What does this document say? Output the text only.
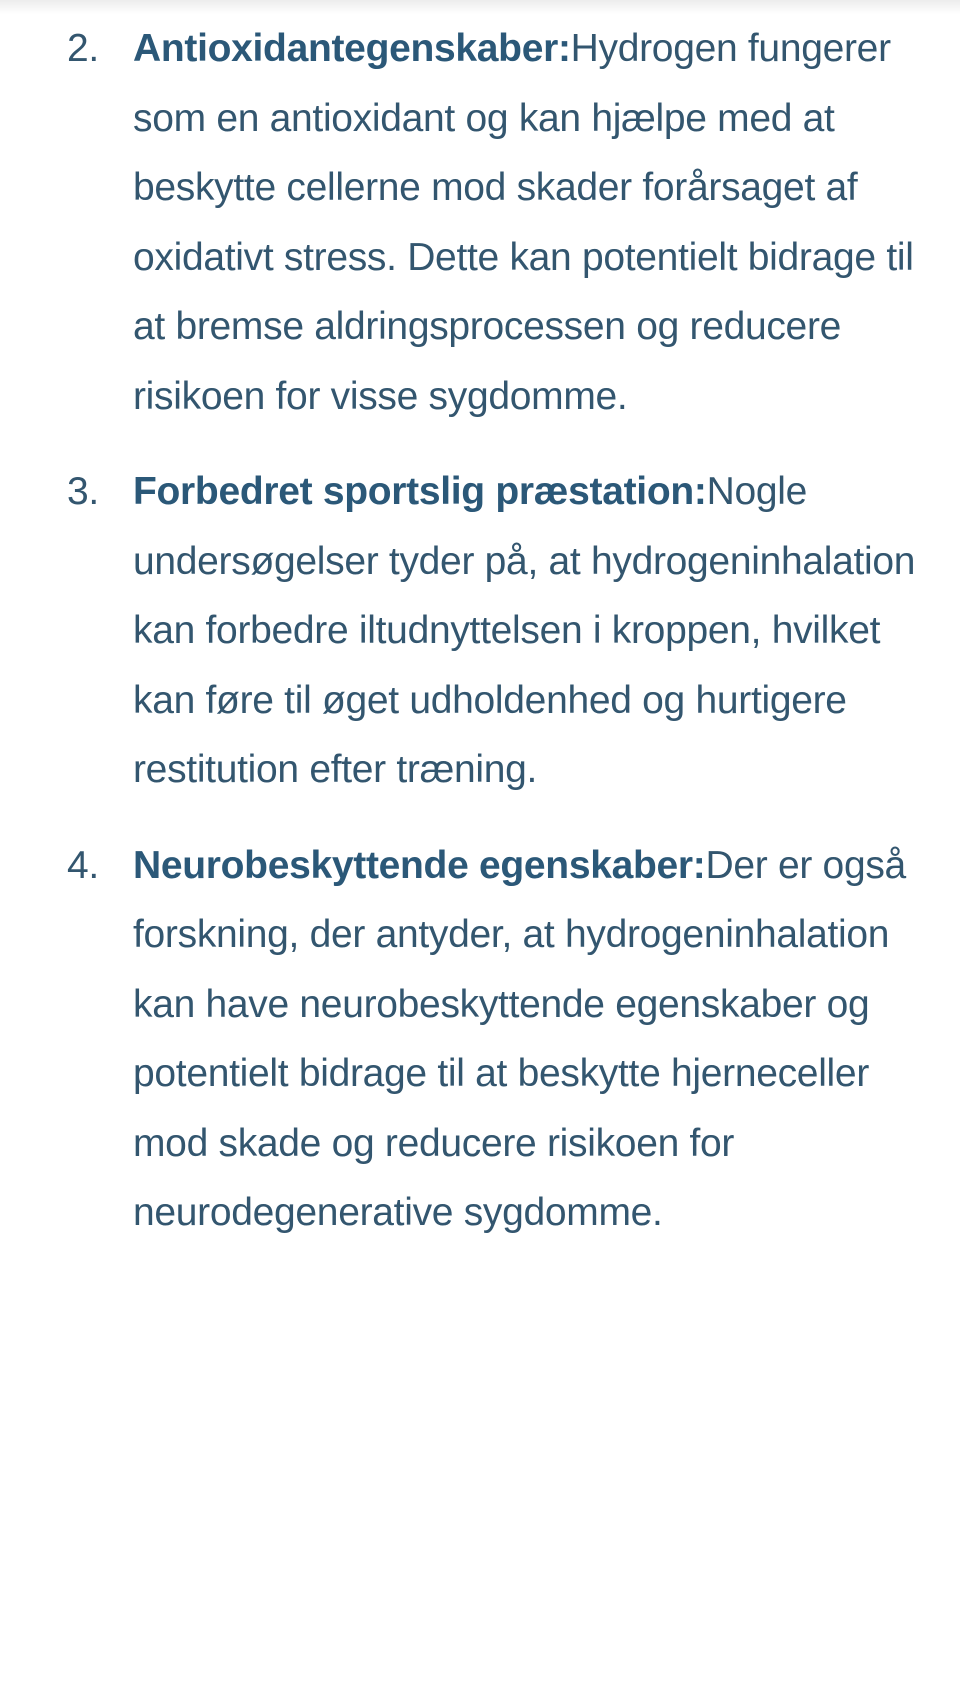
2. Antioxidantegenskaber:Hydrogen fungerer som en antioxidant og kan hjælpe med at beskytte cellerne mod skader forårsaget af oxidativt stress. Dette kan potentielt bidrage til at bremse aldringsprocessen og reducere risikoen for visse sygdomme.
3. Forbedret sportslig præstation:Nogle undersøgelser tyder på, at hydrogeninhalation kan forbedre iltudnyttelsen i kroppen, hvilket kan føre til øget udholdenhed og hurtigere restitution efter træning.
4. Neurobeskyttende egenskaber:Der er også forskning, der antyder, at hydrogeninhalation kan have neurobeskyttende egenskaber og potentielt bidrage til at beskytte hjerneceller mod skade og reducere risikoen for neurodegenerative sygdomme.
